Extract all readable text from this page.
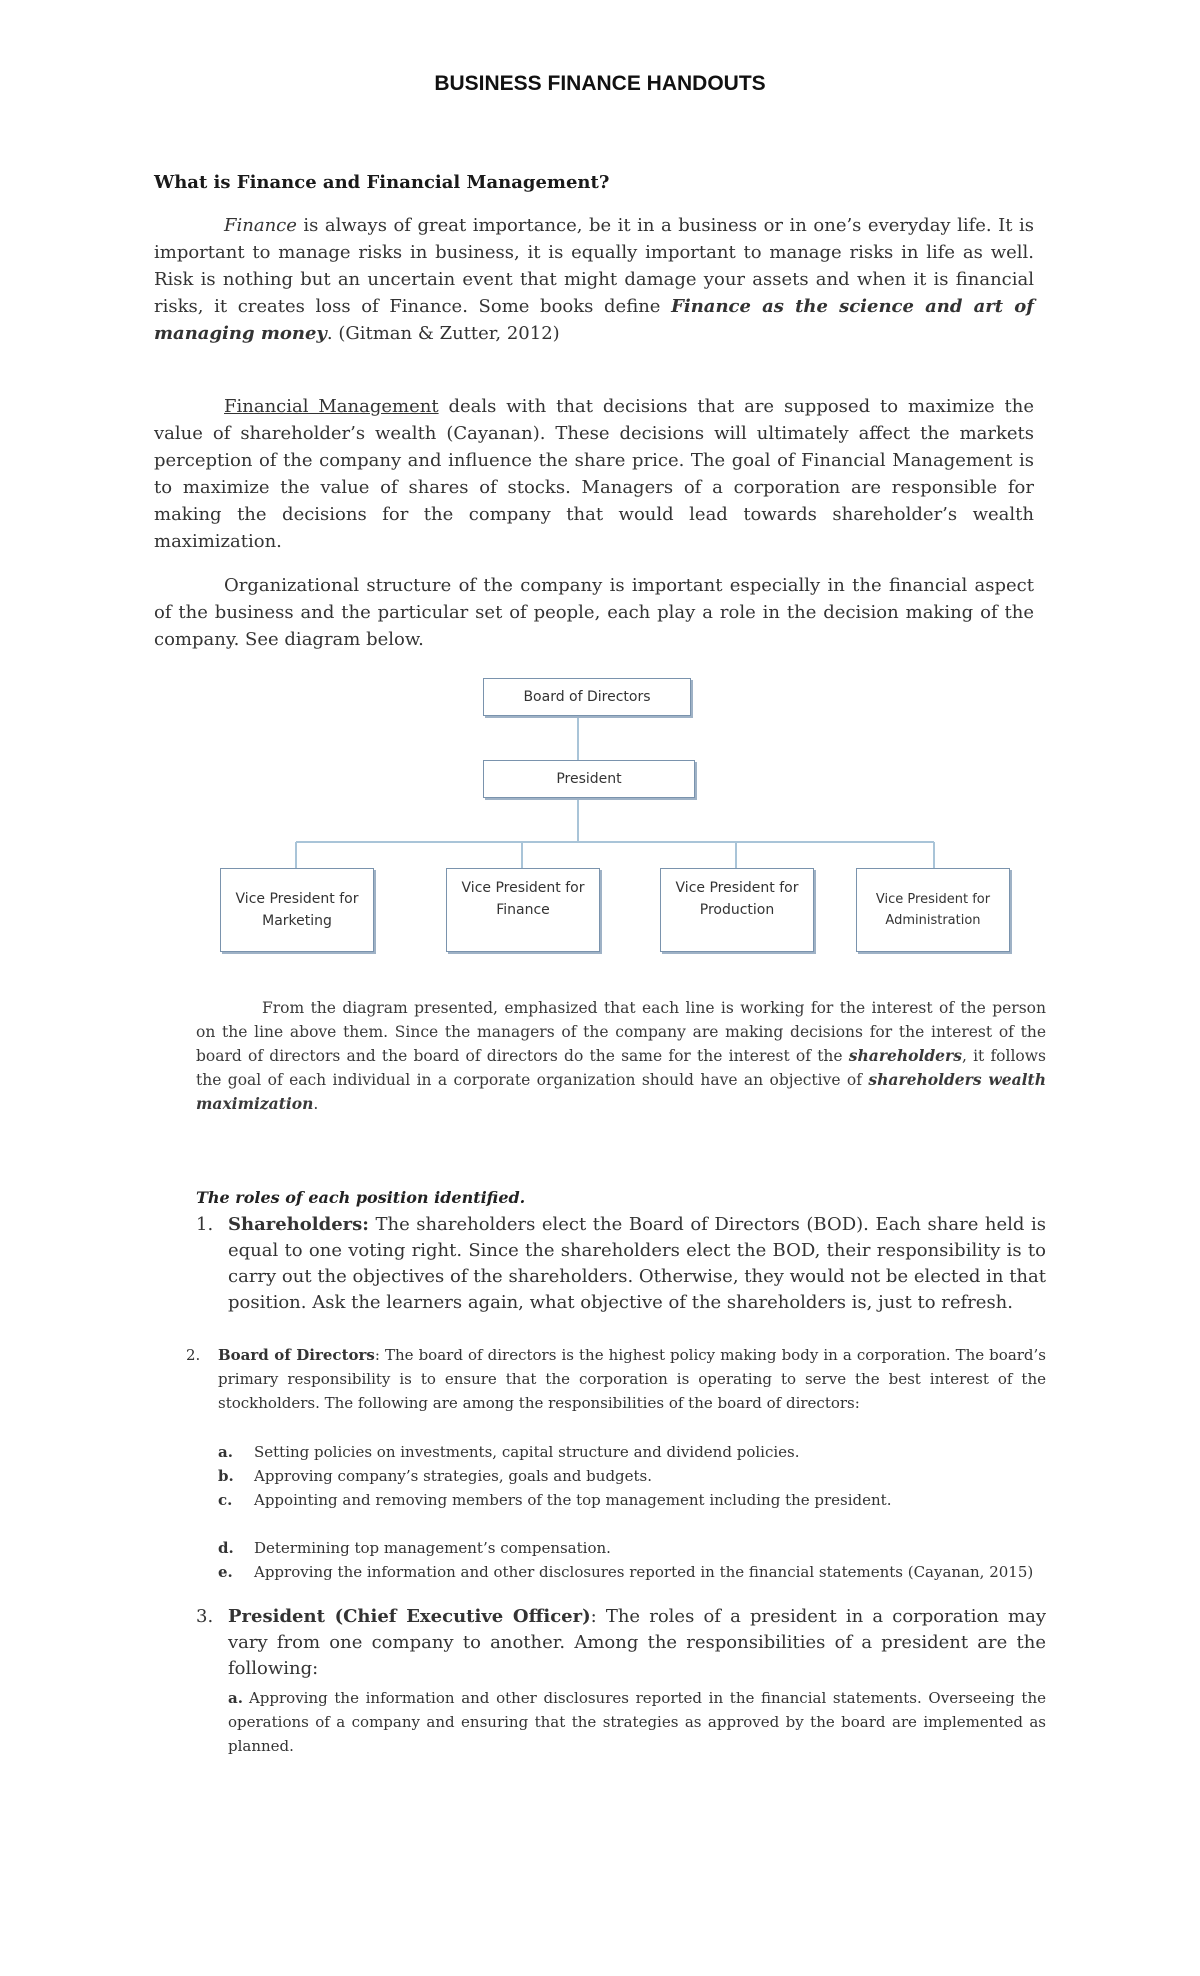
BUSINESS FINANCE HANDOUTS
What is Finance and Financial Management?
Finance is always of great importance, be it in a business or in one’s everyday life. It is important to manage risks in business, it is equally important to manage risks in life as well. Risk is nothing but an uncertain event that might damage your assets and when it is financial risks, it creates loss of Finance. Some books define Finance as the science and art of managing money. (Gitman & Zutter, 2012)
Financial Management deals with that decisions that are supposed to maximize the value of shareholder’s wealth (Cayanan). These decisions will ultimately affect the markets perception of the company and influence the share price. The goal of Financial Management is to maximize the value of shares of stocks. Managers of a corporation are responsible for making the decisions for the company that would lead towards shareholder’s wealth maximization.
Organizational structure of the company is important especially in the financial aspect of the business and the particular set of people, each play a role in the decision making of the company. See diagram below.
Board of Directors
President
Vice President for Marketing
Vice President for Finance
Vice President for Production
Vice President for Administration
From the diagram presented, emphasized that each line is working for the interest of the person on the line above them. Since the managers of the company are making decisions for the interest of the board of directors and the board of directors do the same for the interest of the shareholders, it follows the goal of each individual in a corporate organization should have an objective of shareholders wealth maximization.
The roles of each position identified.
1. Shareholders: The shareholders elect the Board of Directors (BOD). Each share held is equal to one voting right. Since the shareholders elect the BOD, their responsibility is to carry out the objectives of the shareholders. Otherwise, they would not be elected in that position. Ask the learners again, what objective of the shareholders is, just to refresh.
2. Board of Directors: The board of directors is the highest policy making body in a corporation. The board’s primary responsibility is to ensure that the corporation is operating to serve the best interest of the stockholders. The following are among the responsibilities of the board of directors:
a. Setting policies on investments, capital structure and dividend policies.
b. Approving company’s strategies, goals and budgets.
c. Appointing and removing members of the top management including the president.
d. Determining top management’s compensation.
e. Approving the information and other disclosures reported in the financial statements (Cayanan, 2015)
3. President (Chief Executive Officer): The roles of a president in a corporation may vary from one company to another. Among the responsibilities of a president are the following:
a. Approving the information and other disclosures reported in the financial statements. Overseeing the operations of a company and ensuring that the strategies as approved by the board are implemented as planned.
